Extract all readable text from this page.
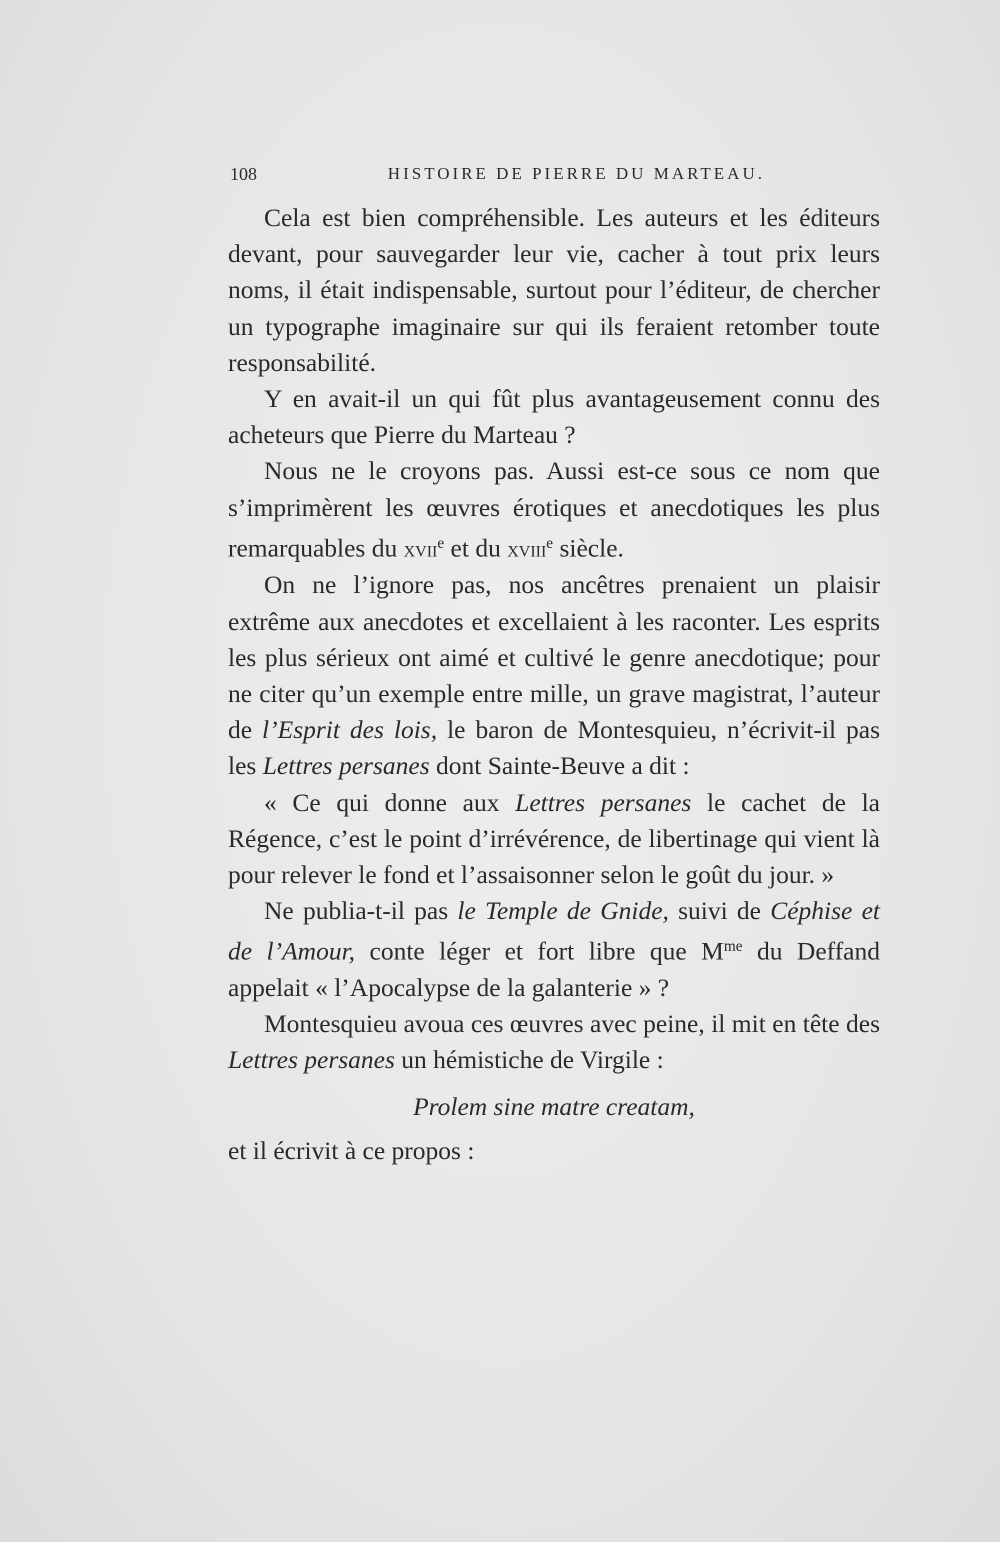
108	HISTOIRE DE PIERRE DU MARTEAU.

Cela est bien compréhensible. Les auteurs et les éditeurs devant, pour sauvegarder leur vie, cacher à tout prix leurs noms, il était indispensable, surtout pour l’éditeur, de chercher un typographe imaginaire sur qui ils feraient retomber toute responsabilité.

Y en avait-il un qui fût plus avantageusement connu des acheteurs que Pierre du Marteau ?

Nous ne le croyons pas. Aussi est-ce sous ce nom que s’imprimèrent les œuvres érotiques et anecdotiques les plus remarquables du xvii$^e$ et du xviii$^e$ siècle.

On ne l’ignore pas, nos ancêtres prenaient un plaisir extrême aux anecdotes et excellaient à les raconter. Les esprits les plus sérieux ont aimé et cultivé le genre anecdotique; pour ne citer qu’un exemple entre mille, un grave magistrat, l’auteur de l’Esprit des lois, le baron de Montesquieu, n’écrivit-il pas les Lettres persanes dont Sainte-Beuve a dit :

« Ce qui donne aux Lettres persanes le cachet de la Régence, c’est le point d’irrévérence, de libertinage qui vient là pour relever le fond et l’assaisonner selon le goût du jour. »

Ne publia-t-il pas le Temple de Gnide, suivi de Céphise et de l’Amour, conte léger et fort libre que $M^{me}$ du Deffand appelait « l’Apocalypse de la galanterie » ?

Montesquieu avoua ces œuvres avec peine, il mit en tête des Lettres persanes un hémistiche de Virgile :

Prolem sine matre creatam,

et il écrivit à ce propos :
